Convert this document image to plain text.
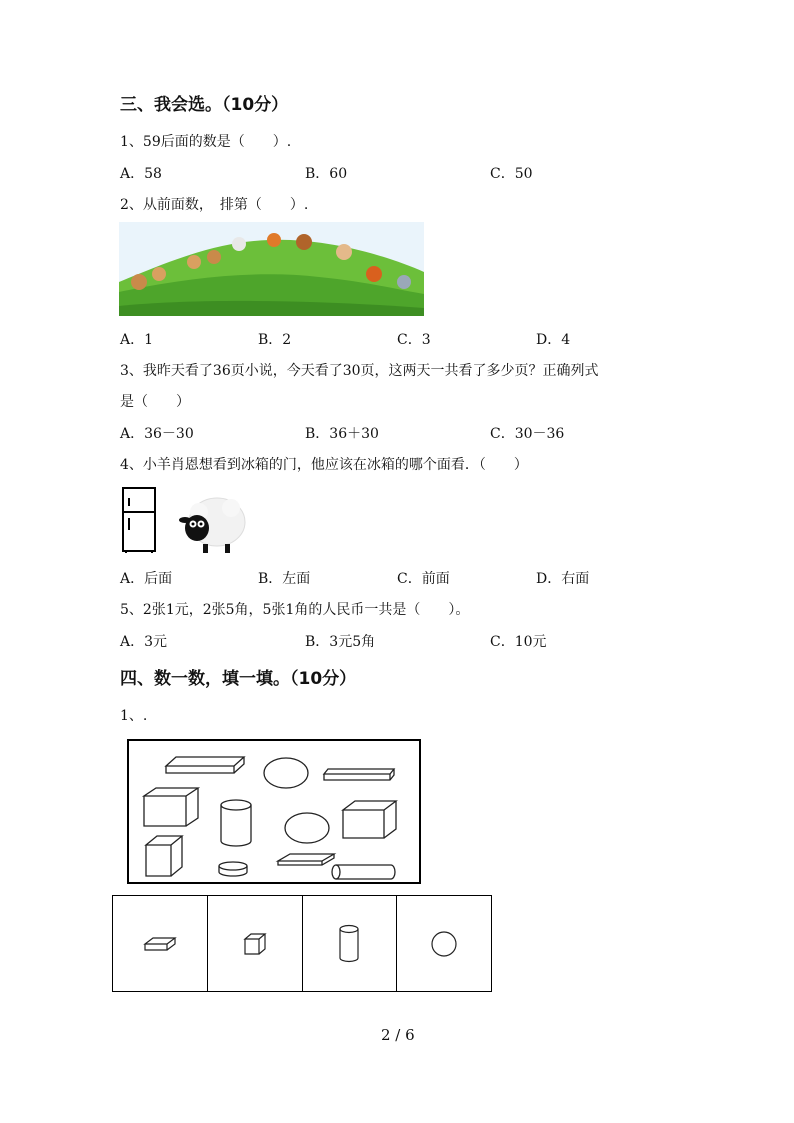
三、我会选。（10分）
1、59后面的数是（　　）.
A．58	B．60	C．50
2、从前面数，　排第（　　）.
A．1	B．2	C．3	D．4
3、我昨天看了36页小说，今天看了30页，这两天一共看了多少页？正确列式
是（　　）
A．36－30	B．36＋30	C．30－36
4、小羊肖恩想看到冰箱的门，他应该在冰箱的哪个面看．（　　）
A．后面	B．左面	C．前面	D．右面
5、2张1元，2张5角，5张1角的人民币一共是（　　）。
A．3元	B．3元5角	C．10元
四、数一数，填一填。（10分）
1、.
2 / 6
